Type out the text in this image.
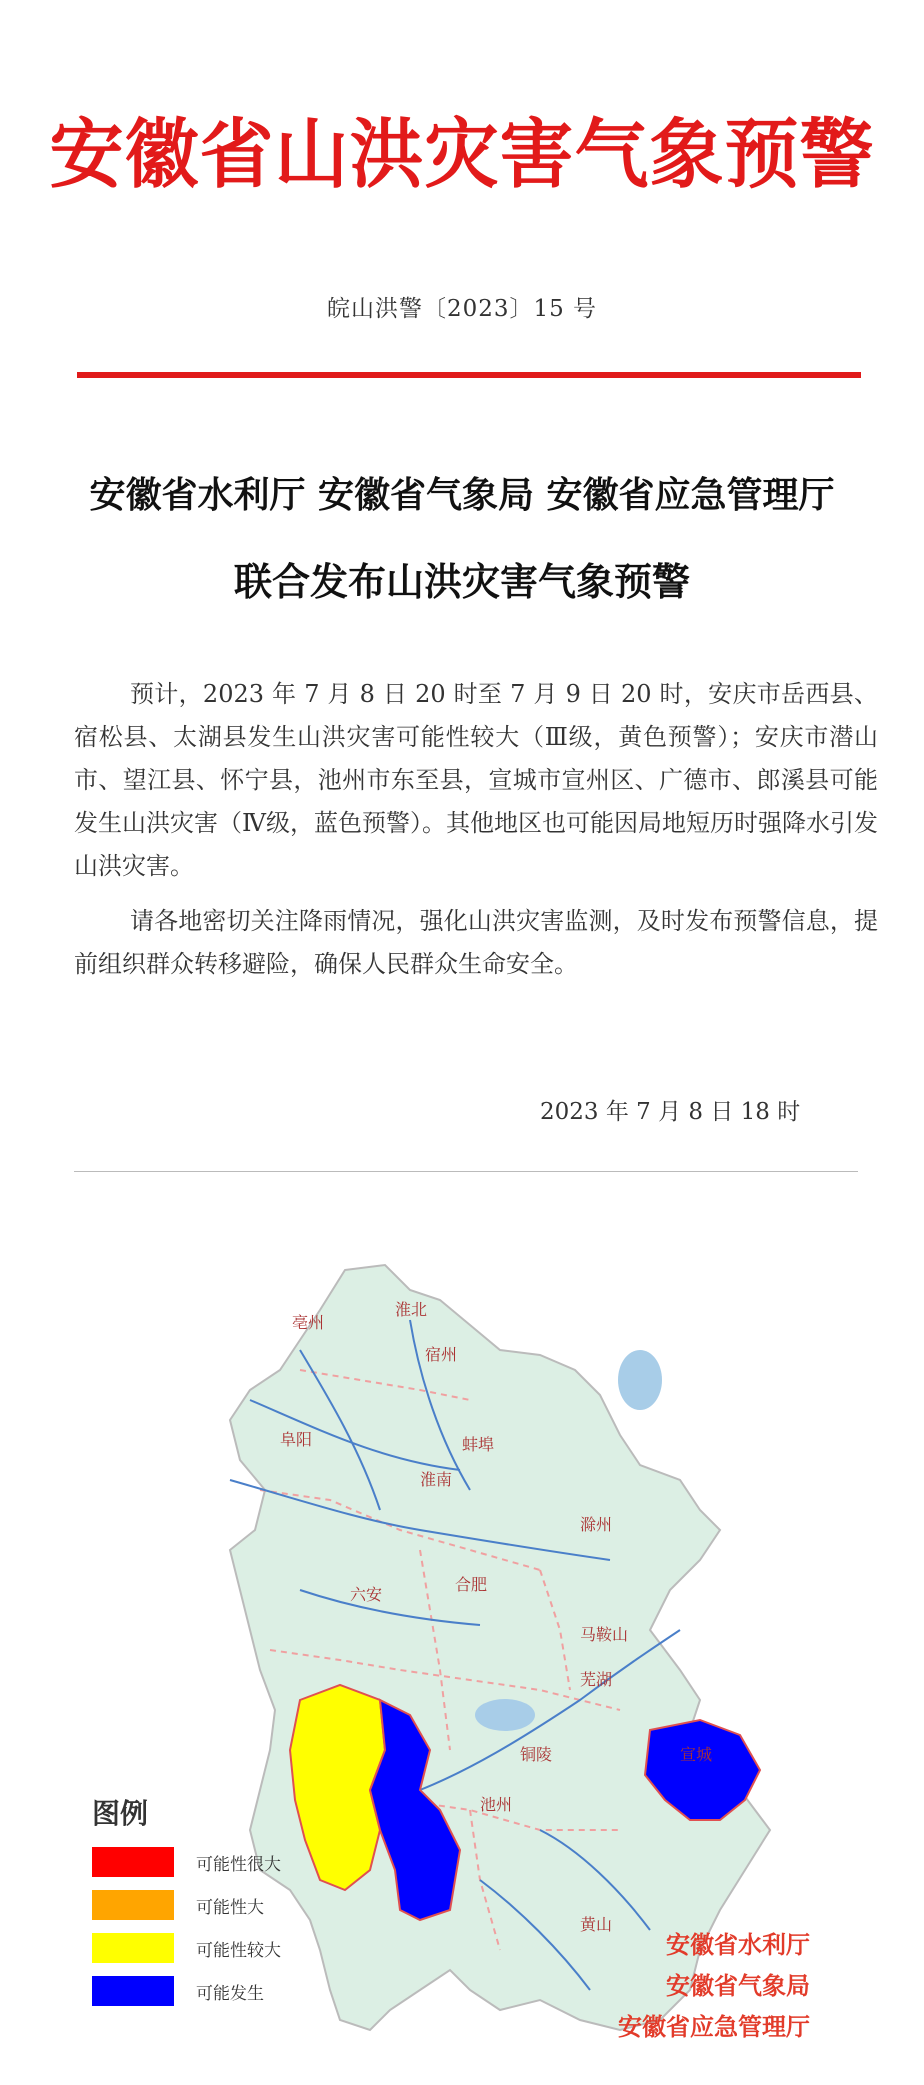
安徽省山洪灾害气象预警
皖山洪警〔2023〕15 号
安徽省水利厅 安徽省气象局 安徽省应急管理厅
联合发布山洪灾害气象预警
预计，2023 年 7 月 8 日 20 时至 7 月 9 日 20 时，安庆市岳西县、宿松县、太湖县发生山洪灾害可能性较大（Ⅲ级，黄色预警）；安庆市潜山市、望江县、怀宁县，池州市东至县，宣城市宣州区、广德市、郎溪县可能发生山洪灾害（Ⅳ级，蓝色预警）。其他地区也可能因局地短历时强降水引发山洪灾害。
请各地密切关注降雨情况，强化山洪灾害监测，及时发布预警信息，提前组织群众转移避险，确保人民群众生命安全。
2023 年 7 月 8 日 18 时
亳州
淮北
宿州
蚌埠
阜阳
淮南
滁州
六安
合肥
马鞍山
芜湖
宣城
铜陵
池州
黄山
图例
可能性很大
可能性大
可能性较大
可能发生
安徽省水利厅
安徽省气象局
安徽省应急管理厅
